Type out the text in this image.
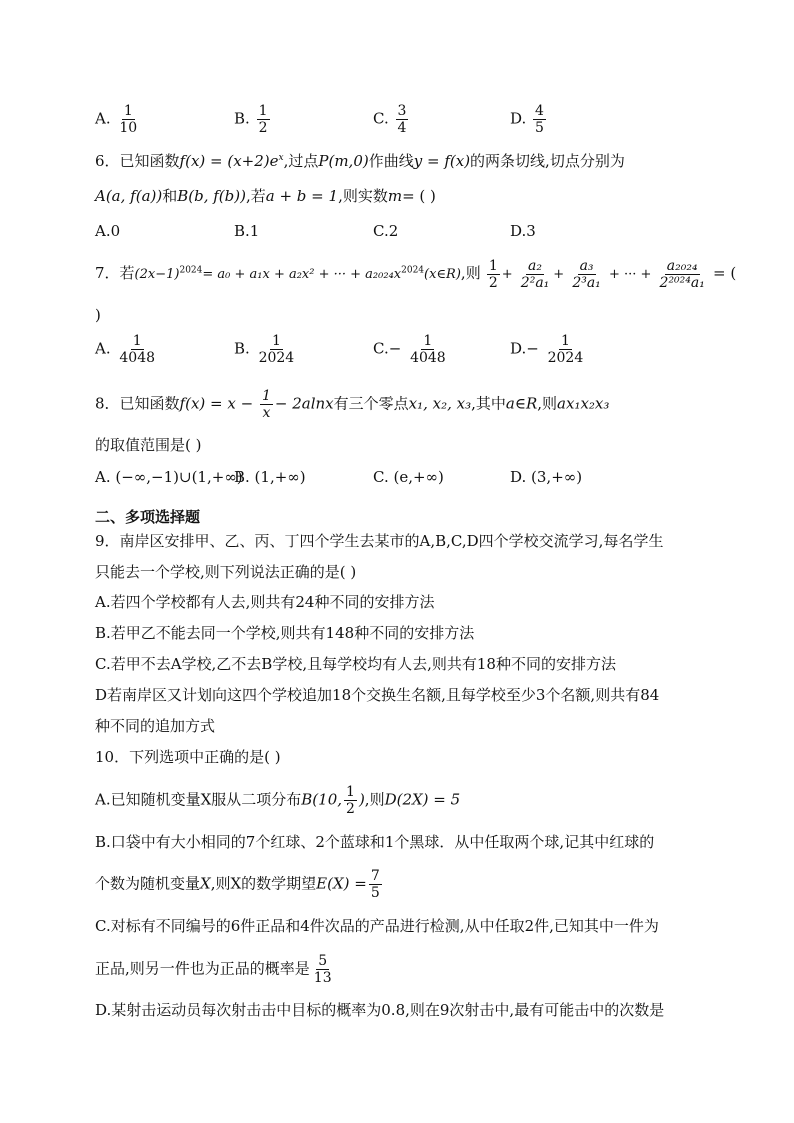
A. $\frac{1}{10}$	B. $\frac{1}{2}$	C. $\frac{3}{4}$	D. $\frac{4}{5}$
6．已知函数$f(x) = (x+2)e^x$,过点P(m,0)作曲线y = f(x)的两条切线,切点分别为
A(a, f(a))和B(b, f(b)),若a + b = 1,则实数m= ( )
A.0	B.1	C.2	D.3
7．若$(2x-1)^{2024}= a_0 + a_1x + a_2x^2$ + ··· + $a_{2024}x^{2024}(x\in R)$,则 $\frac{1}{2} + \frac{\text{a₂}}{\text{2²a₁}} + \frac{\text{a₃}}{\text{2³a₁}}$ + ··· + $\frac{\text{a₂₀₂₄}}{\text{2²⁰²⁴a₁}}$ = (
)
A. $\frac{1}{4048}$	B. $\frac{1}{2024}$	$C.- \frac{1}{4048}$	$D.- \frac{1}{2024}$
8．已知函数$f(x) = x - \frac{1}{x} - 2alnx$有三个零点x₁, x₂, x₃,其中a∈R,则ax₁x₂x₃
的取值范围是( )
A. (−∞,−1)∪(1,+∞)
B. (1,+∞)	C. (e,+∞)	D. (3,+∞)
二、多项选择题
9．南岸区安排甲、乙、丙、丁四个学生去某市的A,B,C,D四个学校交流学习,每名学生
只能去一个学校,则下列说法正确的是( )
A.若四个学校都有人去,则共有24种不同的安排方法
B.若甲乙不能去同一个学校,则共有148种不同的安排方法
C.若甲不去A学校,乙不去B学校,且每学校均有人去,则共有18种不同的安排方法
D若南岸区又计划向这四个学校追加18个交换生名额,且每学校至少3个名额,则共有84
种不同的追加方式
10．下列选项中正确的是( )
A.已知随机变量X服从二项分布B(10, $\frac{1}{2}$ ),则D(2X) = 5
B.口袋中有大小相同的7个红球、2个蓝球和1个黑球．从中任取两个球,记其中红球的
个数为随机变量X,则X的数学期望$E(X) = \frac{7}{5}$
C.对标有不同编号的6件正品和4件次品的产品进行检测,从中任取2件,已知其中一件为
正品,则另一件也为正品的概率是 $\frac{5}{13}$
D.某射击运动员每次射击击中目标的概率为0.8,则在9次射击中,最有可能击中的次数是
